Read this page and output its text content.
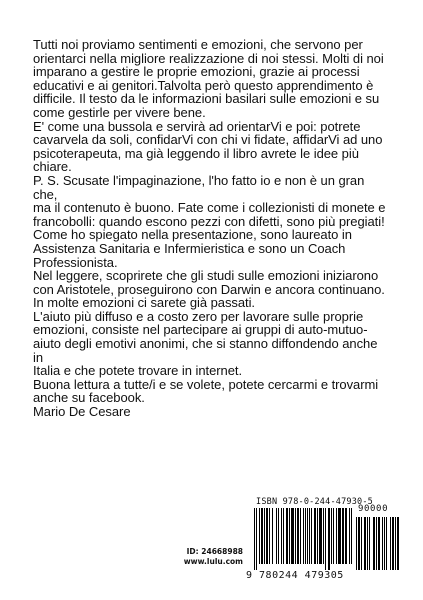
Tutti noi proviamo sentimenti e emozioni, che servono per
orientarci nella migliore realizzazione di noi stessi. Molti di noi
imparano a gestire le proprie emozioni, grazie ai processi
educativi e ai genitori.Talvolta però questo apprendimento è
difficile. Il testo da le informazioni basilari sulle emozioni e su
come gestirle per vivere bene.

E' come una bussola e servirà ad orientarVi e poi: potrete
cavarvela da soli, confidarVi con chi vi fidate, affidarVi ad uno
psicoterapeuta, ma già leggendo il libro avrete le idee più chiare.

P. S. Scusate l'impaginazione, l'ho fatto io e non è un gran che,
ma il contenuto è buono. Fate come i collezionisti di monete e
francobolli: quando escono pezzi con difetti, sono più pregiati!

Come ho spiegato nella presentazione, sono laureato in
Assistenza Sanitaria e Infermieristica e sono un Coach
Professionista.

Nel leggere, scoprirete che gli studi sulle emozioni iniziarono
con Aristotele, proseguirono con Darwin e ancora continuano.

In molte emozioni ci sarete già passati.

L'aiuto più diffuso e a costo zero per lavorare sulle proprie
emozioni, consiste nel partecipare ai gruppi di auto-mutuo-
aiuto degli emotivi anonimi, che si stanno diffondendo anche in
Italia e che potete trovare in internet.

Buona lettura a tutte/i e se volete, potete cercarmi e trovarmi
anche su facebook.

Mario De Cesare

ID: 24668988
www.lulu.com
ISBN 978-0-244-47930-5
90000
9 780244 479305
